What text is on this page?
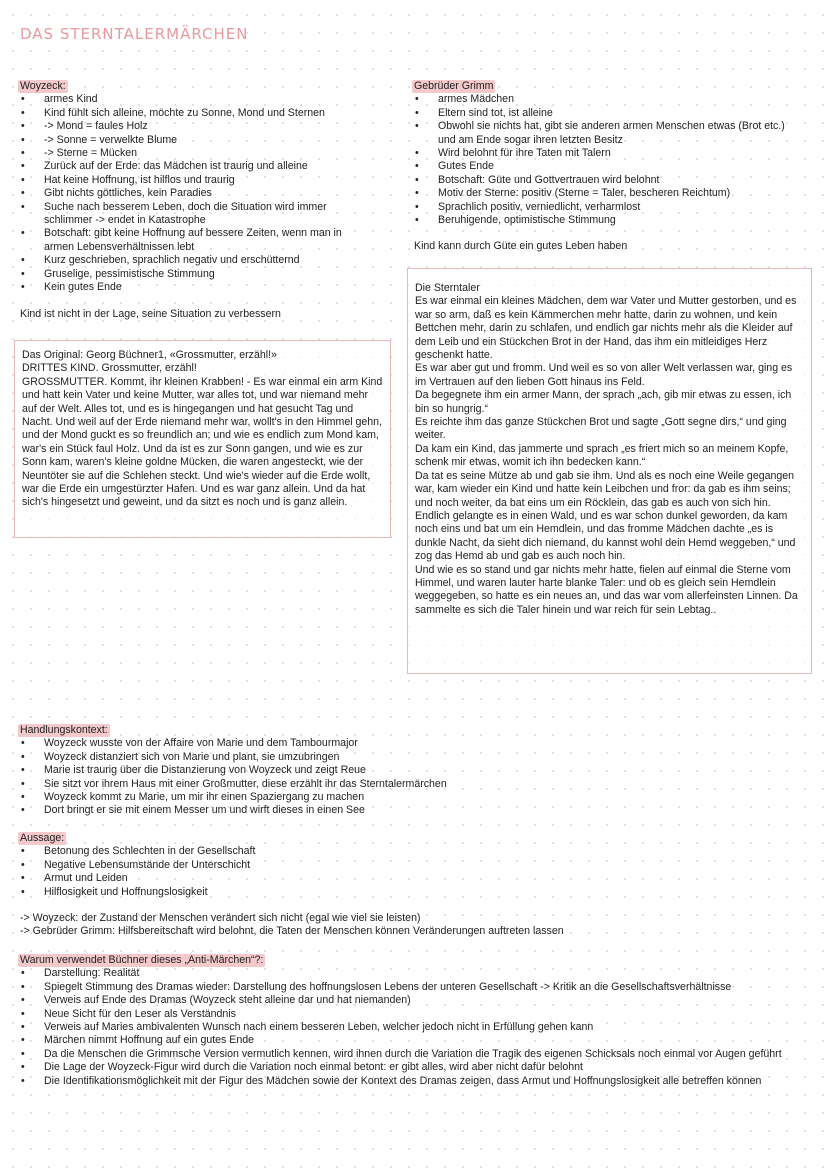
DAS STERNTALERMÄRCHEN
Woyzeck:
• armes Kind
• Kind fühlt sich alleine, möchte zu Sonne, Mond und Sternen
• -> Mond = faules Holz
• -> Sonne = verwelkte Blume
• -> Sterne = Mücken
• Zurück auf der Erde: das Mädchen ist traurig und alleine
• Hat keine Hoffnung, ist hilflos und traurig
• Gibt nichts göttliches, kein Paradies
• Suche nach besserem Leben, doch die Situation wird immer schlimmer -> endet in Katastrophe
• Botschaft: gibt keine Hoffnung auf bessere Zeiten, wenn man in armen Lebensverhältnissen lebt
• Kurz geschrieben, sprachlich negativ und erschütternd
• Gruselige, pessimistische Stimmung
• Kein gutes Ende
Kind ist nicht in der Lage, seine Situation zu verbessern

Das Original: Georg Büchner1, «Grossmutter, erzähl!»

DRITTES KIND. Grossmutter, erzähl!

GROSSMUTTER. Kommt, ihr kleinen Krabben! - Es war einmal ein arm Kind und hatt kein Vater und keine Mutter, war alles tot, und war niemand mehr auf der Welt. Alles tot, und es is hingegangen und hat gesucht Tag und Nacht. Und weil auf der Erde niemand mehr war, wollt's in den Himmel gehn, und der Mond guckt es so freundlich an; und wie es endlich zum Mond kam, war's ein Stück faul Holz. Und da ist es zur Sonn gangen, und wie es zur Sonn kam, waren's kleine goldne Mücken, die waren angesteckt, wie der Neuntöter sie auf die Schlehen steckt. Und wie's wieder auf die Erde wollt, war die Erde ein umgestürzter Hafen. Und es war ganz allein. Und da hat sich's hingesetzt und geweint, und da sitzt es noch und is ganz allein.

Gebrüder Grimm
• armes Mädchen
• Eltern sind tot, ist alleine
• Obwohl sie nichts hat, gibt sie anderen armen Menschen etwas (Brot etc.) und am Ende sogar ihren letzten Besitz
• Wird belohnt für ihre Taten mit Talern
• Gutes Ende
• Botschaft: Güte und Gottvertrauen wird belohnt
• Motiv der Sterne: positiv (Sterne = Taler, bescheren Reichtum)
• Sprachlich positiv, verniedlicht, verharmlost
• Beruhigende, optimistische Stimmung
Kind kann durch Güte ein gutes Leben haben

Die Sterntaler

Es war einmal ein kleines Mädchen, dem war Vater und Mutter gestorben, und es war so arm, daß es kein Kämmerchen mehr hatte, darin zu wohnen, und kein Bettchen mehr, darin zu schlafen, und endlich gar nichts mehr als die Kleider auf dem Leib und ein Stückchen Brot in der Hand, das ihm ein mitleidiges Herz geschenkt hatte.

Es war aber gut und fromm. Und weil es so von aller Welt verlassen war, ging es im Vertrauen auf den lieben Gott hinaus ins Feld.

Da begegnete ihm ein armer Mann, der sprach „ach, gib mir etwas zu essen, ich bin so hungrig.“

Es reichte ihm das ganze Stückchen Brot und sagte „Gott segne dirs,“ und ging weiter.

Da kam ein Kind, das jammerte und sprach „es friert mich so an meinem Kopfe, schenk mir etwas, womit ich ihn bedecken kann.“

Da tat es seine Mütze ab und gab sie ihm. Und als es noch eine Weile gegangen war, kam wieder ein Kind und hatte kein Leibchen und fror: da gab es ihm seins; und noch weiter, da bat eins um ein Röcklein, das gab es auch von sich hin.

Endlich gelangte es in einen Wald, und es war schon dunkel geworden, da kam noch eins und bat um ein Hemdlein, und das fromme Mädchen dachte „es is dunkle Nacht, da sieht dich niemand, du kannst wohl dein Hemd weggeben,“ und zog das Hemd ab und gab es auch noch hin.

Und wie es so stand und gar nichts mehr hatte, fielen auf einmal die Sterne vom Himmel, und waren lauter harte blanke Taler: und ob es gleich sein Hemdlein weggegeben, so hatte es ein neues an, und das war vom allerfeinsten Linnen. Da sammelte es sich die Taler hinein und war reich für sein Lebtag..

Handlungskontext:
• Woyzeck wusste von der Affaire von Marie und dem Tambourmajor
• Woyzeck distanziert sich von Marie und plant, sie umzubringen
• Marie ist traurig über die Distanzierung von Woyzeck und zeigt Reue
• Sie sitzt vor ihrem Haus mit einer Großmutter, diese erzählt ihr das Sterntalermärchen
• Woyzeck kommt zu Marie, um mir ihr einen Spaziergang zu machen
• Dort bringt er sie mit einem Messer um und wirft dieses in einen See
Aussage:
• Betonung des Schlechten in der Gesellschaft
• Negative Lebensumstände der Unterschicht
• Armut und Leiden
• Hilflosigkeit und Hoffnungslosigkeit
-> Woyzeck: der Zustand der Menschen verändert sich nicht (egal wie viel sie leisten)
-> Gebrüder Grimm: Hilfsbereitschaft wird belohnt, die Taten der Menschen können Veränderungen auftreten lassen
Warum verwendet Büchner dieses „Anti-Märchen“?:
• Darstellung: Realität
• Spiegelt Stimmung des Dramas wieder: Darstellung des hoffnungslosen Lebens der unteren Gesellschaft -> Kritik an die Gesellschaftsverhältnisse
• Verweis auf Ende des Dramas (Woyzeck steht alleine dar und hat niemanden)
• Neue Sicht für den Leser als Verständnis
• Verweis auf Maries ambivalenten Wunsch nach einem besseren Leben, welcher jedoch nicht in Erfüllung gehen kann
• Märchen nimmt Hoffnung auf ein gutes Ende
• Da die Menschen die Grimmsche Version vermutlich kennen, wird ihnen durch die Variation die Tragik des eigenen Schicksals noch einmal vor Augen geführt
• Die Lage der Woyzeck-Figur wird durch die Variation noch einmal betont: er gibt alles, wird aber nicht dafür belohnt
• Die Identifikationsmöglichkeit mit der Figur des Mädchen sowie der Kontext des Dramas zeigen, dass Armut und Hoffnungslosigkeit alle betreffen können
